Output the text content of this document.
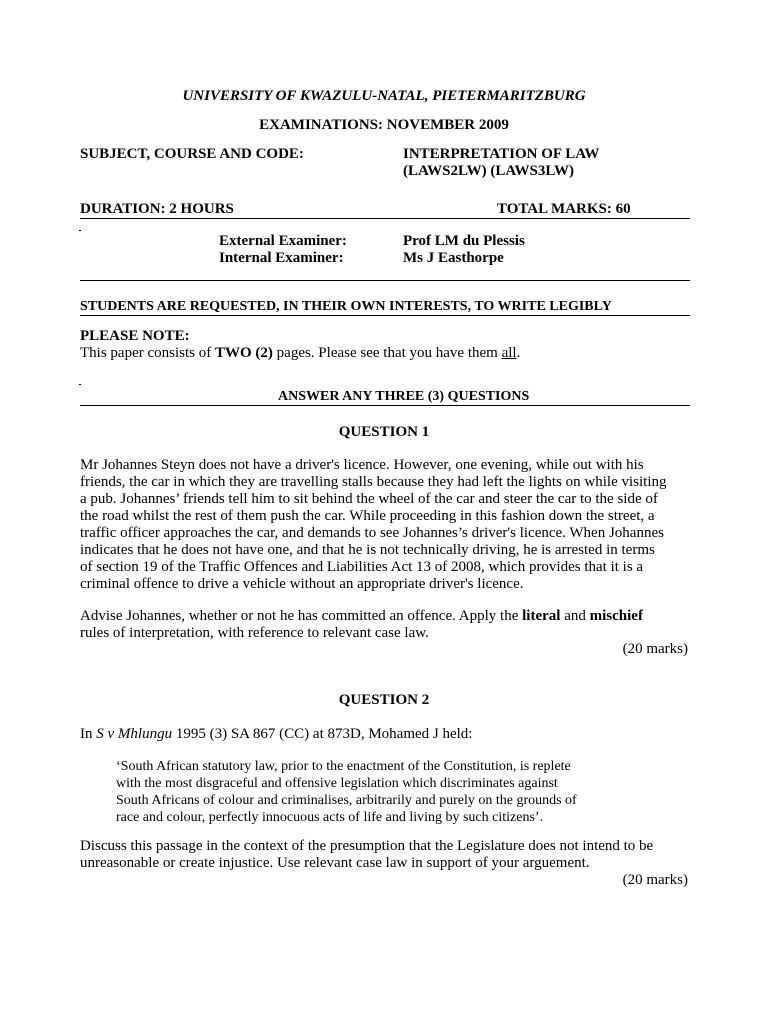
UNIVERSITY OF KWAZULU-NATAL, PIETERMARITZBURG
EXAMINATIONS: NOVEMBER 2009
SUBJECT, COURSE AND CODE:	INTERPRETATION OF LAW
(LAWS2LW) (LAWS3LW)
DURATION: 2 HOURS	TOTAL MARKS: 60
External Examiner:	Prof LM du Plessis
Internal Examiner:	Ms J Easthorpe
STUDENTS ARE REQUESTED, IN THEIR OWN INTERESTS, TO WRITE LEGIBLY
PLEASE NOTE:
This paper consists of TWO (2) pages. Please see that you have them all.
ANSWER ANY THREE (3) QUESTIONS
QUESTION 1
Mr Johannes Steyn does not have a driver's licence. However, one evening, while out with his
friends, the car in which they are travelling stalls because they had left the lights on while visiting
a pub. Johannes’ friends tell him to sit behind the wheel of the car and steer the car to the side of
the road whilst the rest of them push the car. While proceeding in this fashion down the street, a
traffic officer approaches the car, and demands to see Johannes’s driver's licence. When Johannes
indicates that he does not have one, and that he is not technically driving, he is arrested in terms
of section 19 of the Traffic Offences and Liabilities Act 13 of 2008, which provides that it is a
criminal offence to drive a vehicle without an appropriate driver's licence.
Advise Johannes, whether or not he has committed an offence. Apply the literal and mischief
rules of interpretation, with reference to relevant case law.
(20 marks)
QUESTION 2
In S v Mhlungu 1995 (3) SA 867 (CC) at 873D, Mohamed J held:
‘South African statutory law, prior to the enactment of the Constitution, is replete
with the most disgraceful and offensive legislation which discriminates against
South Africans of colour and criminalises, arbitrarily and purely on the grounds of
race and colour, perfectly innocuous acts of life and living by such citizens’.
Discuss this passage in the context of the presumption that the Legislature does not intend to be
unreasonable or create injustice. Use relevant case law in support of your arguement.
(20 marks)
